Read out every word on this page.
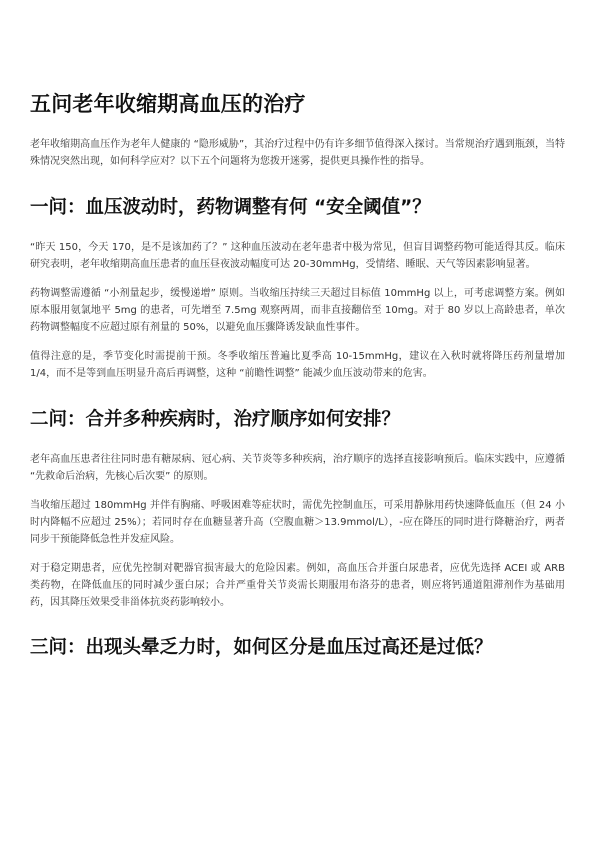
五问老年收缩期高血压的治疗

老年收缩期高血压作为老年人健康的 “隐形威胁”，其治疗过程中仍有许多细节值得深入探讨。当常规治疗遇到瓶颈，当特殊情况突然出现，如何科学应对？以下五个问题将为您拨开迷雾，提供更具操作性的指导。

一问：血压波动时，药物调整有何 “安全阈值”？

“昨天 150，今天 170，是不是该加药了？” 这种血压波动在老年患者中极为常见，但盲目调整药物可能适得其反。临床研究表明，老年收缩期高血压患者的血压昼夜波动幅度可达 20-30mmHg，受情绪、睡眠、天气等因素影响显著。

药物调整需遵循 “小剂量起步，缓慢递增” 原则。当收缩压持续三天超过目标值 10mmHg 以上，可考虑调整方案。例如原本服用氨氯地平 5mg 的患者，可先增至 7.5mg 观察两周，而非直接翻倍至 10mg。对于 80 岁以上高龄患者，单次药物调整幅度不应超过原有剂量的 50%，以避免血压骤降诱发缺血性事件。

值得注意的是，季节变化时需提前干预。冬季收缩压普遍比夏季高 10-15mmHg，建议在入秋时就将降压药剂量增加 1/4，而不是等到血压明显升高后再调整，这种 “前瞻性调整” 能减少血压波动带来的危害。

二问：合并多种疾病时，治疗顺序如何安排？

老年高血压患者往往同时患有糖尿病、冠心病、关节炎等多种疾病，治疗顺序的选择直接影响预后。临床实践中，应遵循 “先救命后治病，先核心后次要” 的原则。

当收缩压超过 180mmHg 并伴有胸痛、呼吸困难等症状时，需优先控制血压，可采用静脉用药快速降低血压（但 24 小时内降幅不应超过 25%）；若同时存在血糖显著升高（空腹血糖＞13.9mmol/L），-应在降压的同时进行降糖治疗，两者同步干预能降低急性并发症风险。

对于稳定期患者，应优先控制对靶器官损害最大的危险因素。例如，高血压合并蛋白尿患者，应优先选择 ACEI 或 ARB 类药物，在降低血压的同时减少蛋白尿；合并严重骨关节炎需长期服用布洛芬的患者，则应将钙通道阻滞剂作为基础用药，因其降压效果受非甾体抗炎药影响较小。

三问：出现头晕乏力时，如何区分是血压过高还是过低？
